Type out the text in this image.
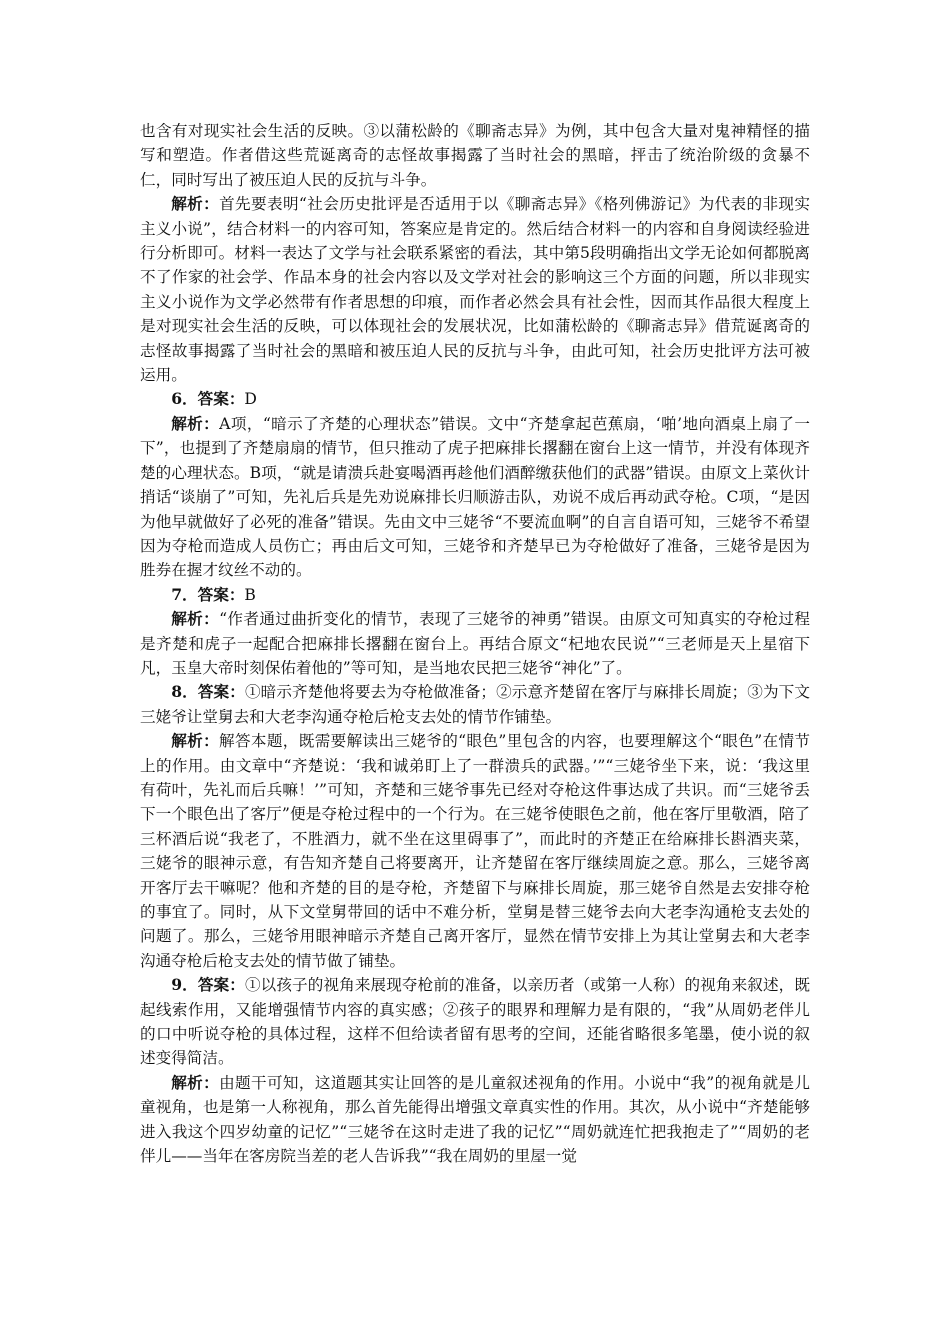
也含有对现实社会生活的反映。③以蒲松龄的《聊斋志异》为例，其中包含大量对鬼神精怪的描写和塑造。作者借这些荒诞离奇的志怪故事揭露了当时社会的黑暗，抨击了统治阶级的贪暴不仁，同时写出了被压迫人民的反抗与斗争。

解析：首先要表明“社会历史批评是否适用于以《聊斋志异》《格列佛游记》为代表的非现实主义小说”，结合材料一的内容可知，答案应是肯定的。然后结合材料一的内容和自身阅读经验进行分析即可。材料一表达了文学与社会联系紧密的看法，其中第5段明确指出文学无论如何都脱离不了作家的社会学、作品本身的社会内容以及文学对社会的影响这三个方面的问题，所以非现实主义小说作为文学必然带有作者思想的印痕，而作者必然会具有社会性，因而其作品很大程度上是对现实社会生活的反映，可以体现社会的发展状况，比如蒲松龄的《聊斋志异》借荒诞离奇的志怪故事揭露了当时社会的黑暗和被压迫人民的反抗与斗争，由此可知，社会历史批评方法可被运用。

6．答案：D

解析：A项，“暗示了齐楚的心理状态”错误。文中“齐楚拿起芭蕉扇，‘啪’地向酒桌上扇了一下”，也提到了齐楚扇扇的情节，但只推动了虎子把麻排长撂翻在窗台上这一情节，并没有体现齐楚的心理状态。B项，“就是请溃兵赴宴喝酒再趁他们酒醉缴获他们的武器”错误。由原文上菜伙计捎话“谈崩了”可知，先礼后兵是先劝说麻排长归顺游击队，劝说不成后再动武夺枪。C项，“是因为他早就做好了必死的准备”错误。先由文中三姥爷“不要流血啊”的自言自语可知，三姥爷不希望因为夺枪而造成人员伤亡；再由后文可知，三姥爷和齐楚早已为夺枪做好了准备，三姥爷是因为胜券在握才纹丝不动的。

7．答案：B

解析：“作者通过曲折变化的情节，表现了三姥爷的神勇”错误。由原文可知真实的夺枪过程是齐楚和虎子一起配合把麻排长撂翻在窗台上。再结合原文“杞地农民说”“三老师是天上星宿下凡，玉皇大帝时刻保佑着他的”等可知，是当地农民把三姥爷“神化”了。

8．答案：①暗示齐楚他将要去为夺枪做准备；②示意齐楚留在客厅与麻排长周旋；③为下文三姥爷让堂舅去和大老李沟通夺枪后枪支去处的情节作铺垫。

解析：解答本题，既需要解读出三姥爷的“眼色”里包含的内容，也要理解这个“眼色”在情节上的作用。由文章中“齐楚说：‘我和诚弟盯上了一群溃兵的武器。’”“三姥爷坐下来，说：‘我这里有荷叶，先礼而后兵嘛！’”可知，齐楚和三姥爷事先已经对夺枪这件事达成了共识。而“三姥爷丢下一个眼色出了客厅”便是夺枪过程中的一个行为。在三姥爷使眼色之前，他在客厅里敬酒，陪了三杯酒后说“我老了，不胜酒力，就不坐在这里碍事了”，而此时的齐楚正在给麻排长斟酒夹菜，三姥爷的眼神示意，有告知齐楚自己将要离开，让齐楚留在客厅继续周旋之意。那么，三姥爷离开客厅去干嘛呢？他和齐楚的目的是夺枪，齐楚留下与麻排长周旋，那三姥爷自然是去安排夺枪的事宜了。同时，从下文堂舅带回的话中不难分析，堂舅是替三姥爷去向大老李沟通枪支去处的问题了。那么，三姥爷用眼神暗示齐楚自己离开客厅，显然在情节安排上为其让堂舅去和大老李沟通夺枪后枪支去处的情节做了铺垫。

9．答案：①以孩子的视角来展现夺枪前的准备，以亲历者（或第一人称）的视角来叙述，既起线索作用，又能增强情节内容的真实感；②孩子的眼界和理解力是有限的，“我”从周奶老伴儿的口中听说夺枪的具体过程，这样不但给读者留有思考的空间，还能省略很多笔墨，使小说的叙述变得简洁。

解析：由题干可知，这道题其实让回答的是儿童叙述视角的作用。小说中“我”的视角就是儿童视角，也是第一人称视角，那么首先能得出增强文章真实性的作用。其次，从小说中“齐楚能够进入我这个四岁幼童的记忆”“三姥爷在这时走进了我的记忆”“周奶就连忙把我抱走了”“周奶的老伴儿——当年在客房院当差的老人告诉我”“我在周奶的里屋一觉
